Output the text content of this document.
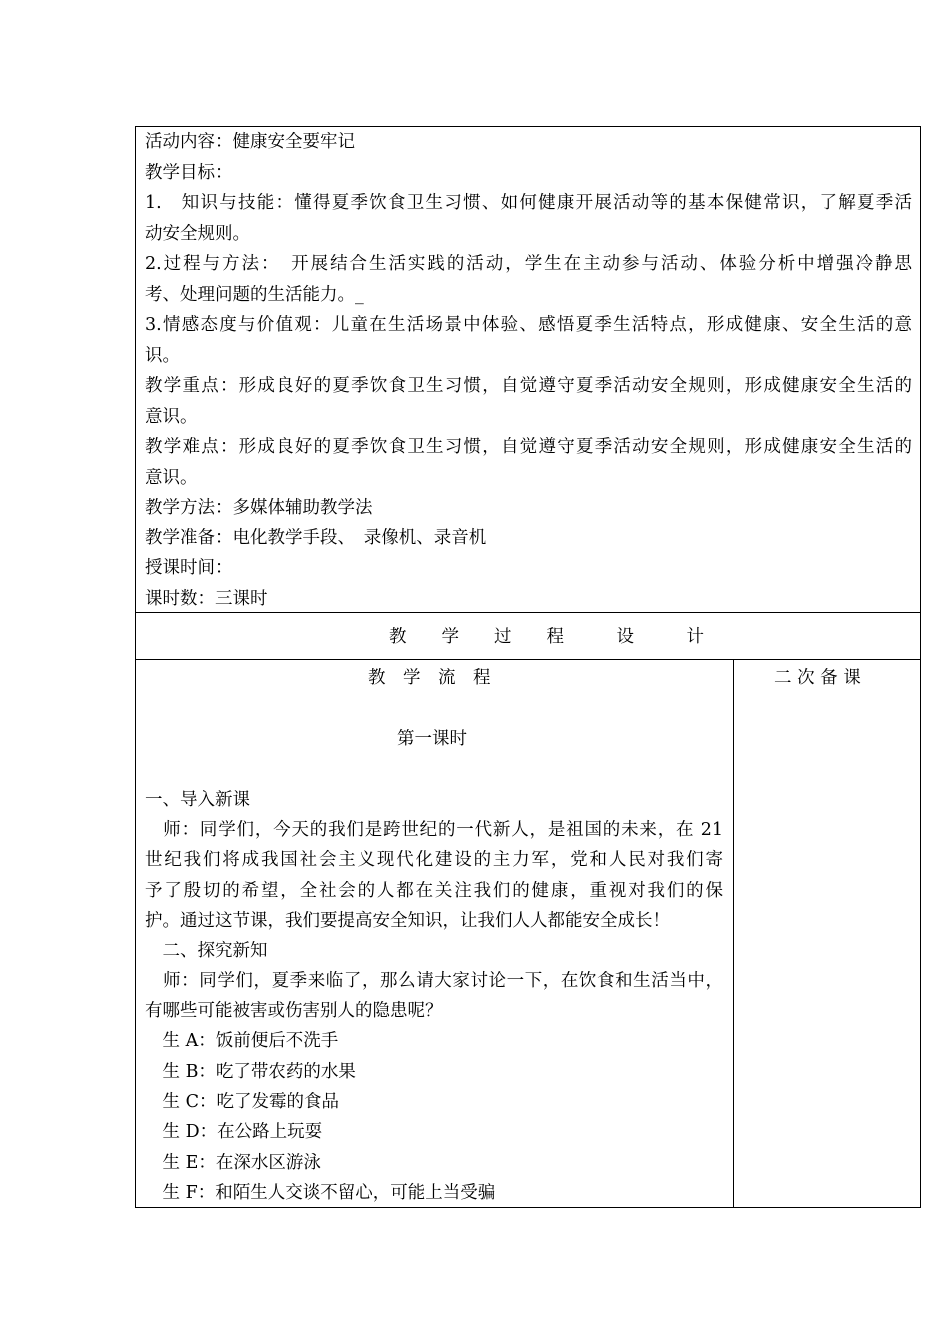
活动内容：健康安全要牢记
教学目标：
1.　知识与技能：懂得夏季饮食卫生习惯、如何健康开展活动等的基本保健常识，了解夏季活
动安全规则。
2.过程与方法：　开展结合生活实践的活动，学生在主动参与活动、体验分析中增强冷静思
考、处理问题的生活能力。_
3.情感态度与价值观：儿童在生活场景中体验、感悟夏季生活特点，形成健康、安全生活的意
识。
教学重点：形成良好的夏季饮食卫生习惯，自觉遵守夏季活动安全规则，形成健康安全生活的
意识。
教学难点：形成良好的夏季饮食卫生习惯，自觉遵守夏季活动安全规则，形成健康安全生活的
意识。
教学方法：多媒体辅助教学法
教学准备：电化教学手段、　录像机、录音机
授课时间：
课时数：三课时
教　　学　　过　　程　　　设　　　计
教　学　流　程	二 次 备 课
第一课时
一、导入新课
　师：同学们，今天的我们是跨世纪的一代新人，是祖国的未来，在 21
世纪我们将成我国社会主义现代化建设的主力军，党和人民对我们寄
予了殷切的希望，全社会的人都在关注我们的健康，重视对我们的保
护。通过这节课，我们要提高安全知识，让我们人人都能安全成长！
　二、探究新知
　师：同学们，夏季来临了，那么请大家讨论一下，在饮食和生活当中，
有哪些可能被害或伤害别人的隐患呢？
　生 A：饭前便后不洗手
　生 B：吃了带农药的水果
　生 C：吃了发霉的食品
　生 D：在公路上玩耍
　生 E：在深水区游泳
　生 F：和陌生人交谈不留心，可能上当受骗
